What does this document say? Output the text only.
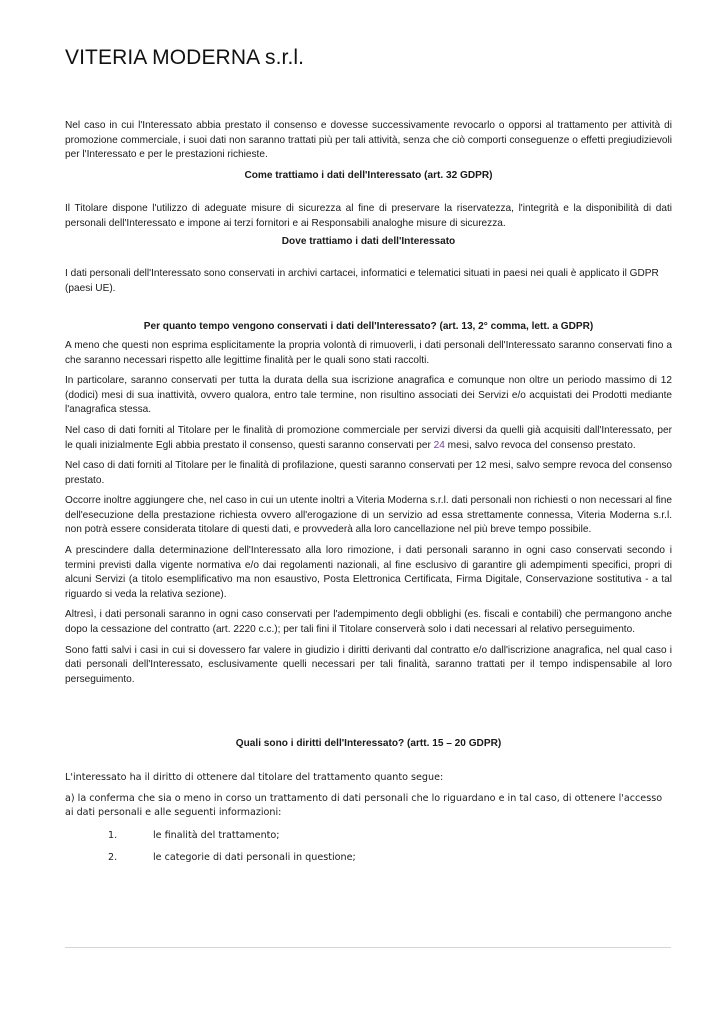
VITERIA MODERNA s.r.l.

Nel caso in cui l'Interessato abbia prestato il consenso e dovesse successivamente revocarlo o opporsi al trattamento per attività di promozione commerciale, i suoi dati non saranno trattati più per tali attività, senza che ciò comporti conseguenze o effetti pregiudizievoli per l'Interessato e per le prestazioni richieste.

Come trattiamo i dati dell'Interessato (art. 32 GDPR)

Il Titolare dispone l'utilizzo di adeguate misure di sicurezza al fine di preservare la riservatezza, l'integrità e la disponibilità di dati personali dell'Interessato e impone ai terzi fornitori e ai Responsabili analoghe misure di sicurezza.

Dove trattiamo i dati dell'Interessato

I dati personali dell'Interessato sono conservati in archivi cartacei, informatici e telematici situati in paesi nei quali è applicato il GDPR (paesi UE).

Per quanto tempo vengono conservati i dati dell'Interessato? (art. 13, 2° comma, lett. a GDPR)

A meno che questi non esprima esplicitamente la propria volontà di rimuoverli, i dati personali dell'Interessato saranno conservati fino a che saranno necessari rispetto alle legittime finalità per le quali sono stati raccolti.

In particolare, saranno conservati per tutta la durata della sua iscrizione anagrafica e comunque non oltre un periodo massimo di 12 (dodici) mesi di sua inattività, ovvero qualora, entro tale termine, non risultino associati dei Servizi e/o acquistati dei Prodotti mediante l'anagrafica stessa.

Nel caso di dati forniti al Titolare per le finalità di promozione commerciale per servizi diversi da quelli già acquisiti dall'Interessato, per le quali inizialmente Egli abbia prestato il consenso, questi saranno conservati per 24 mesi, salvo revoca del consenso prestato.

Nel caso di dati forniti al Titolare per le finalità di profilazione, questi saranno conservati per 12 mesi, salvo sempre revoca del consenso prestato.

Occorre inoltre aggiungere che, nel caso in cui un utente inoltri a Viteria Moderna s.r.l. dati personali non richiesti o non necessari al fine dell'esecuzione della prestazione richiesta ovvero all'erogazione di un servizio ad essa strettamente connessa, Viteria Moderna s.r.l. non potrà essere considerata titolare di questi dati, e provvederà alla loro cancellazione nel più breve tempo possibile.

A prescindere dalla determinazione dell'Interessato alla loro rimozione, i dati personali saranno in ogni caso conservati secondo i termini previsti dalla vigente normativa e/o dai regolamenti nazionali, al fine esclusivo di garantire gli adempimenti specifici, propri di alcuni Servizi (a titolo esemplificativo ma non esaustivo, Posta Elettronica Certificata, Firma Digitale, Conservazione sostitutiva - a tal riguardo si veda la relativa sezione).

Altresì, i dati personali saranno in ogni caso conservati per l'adempimento degli obblighi (es. fiscali e contabili) che permangono anche dopo la cessazione del contratto (art. 2220 c.c.); per tali fini il Titolare conserverà solo i dati necessari al relativo perseguimento.

Sono fatti salvi i casi in cui si dovessero far valere in giudizio i diritti derivanti dal contratto e/o dall'iscrizione anagrafica, nel qual caso i dati personali dell'Interessato, esclusivamente quelli necessari per tali finalità, saranno trattati per il tempo indispensabile al loro perseguimento.

Quali sono i diritti dell'Interessato? (artt. 15 – 20 GDPR)

L'interessato ha il diritto di ottenere dal titolare del trattamento quanto segue:

a) la conferma che sia o meno in corso un trattamento di dati personali che lo riguardano e in tal caso, di ottenere l'accesso ai dati personali e alle seguenti informazioni:

1.	le finalità del trattamento;
2.	le categorie di dati personali in questione;
